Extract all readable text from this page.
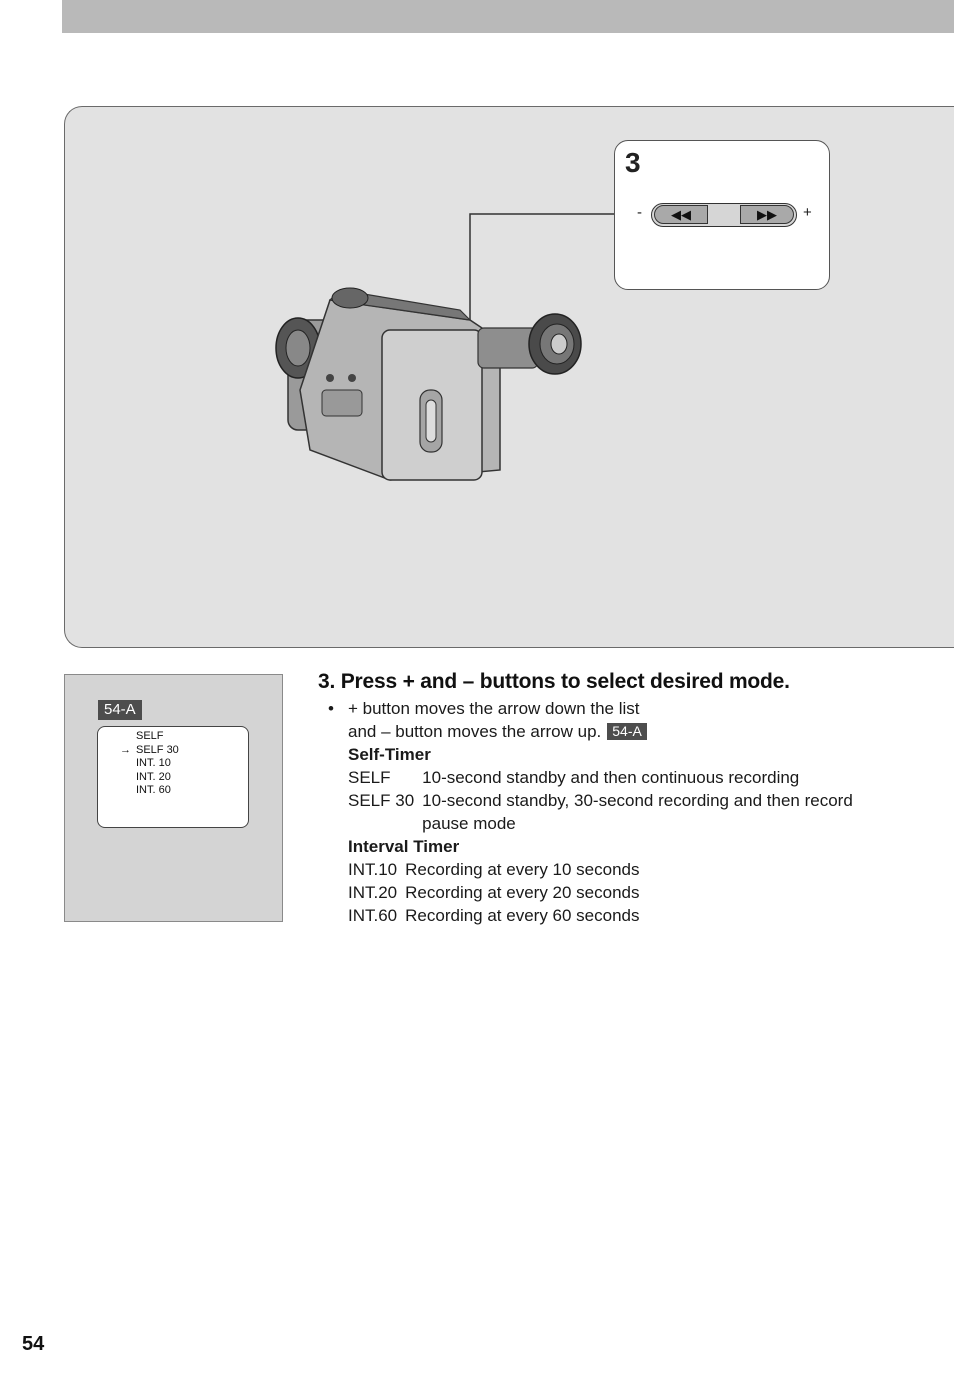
3
-	◀◀	▶▶	+
54-A
SELF
→ SELF 30
INT. 10
INT. 20
INT. 60
3. Press + and – buttons to select desired mode.

• + button moves the arrow down the list
and – button moves the arrow up. 54-A

Self-Timer

SELF	10-second standby and then continuous recording
SELF 30	10-second standby, 30-second recording and then record pause mode

Interval Timer

INT.10	Recording at every 10 seconds
INT.20	Recording at every 20 seconds
INT.60	Recording at every 60 seconds
54
